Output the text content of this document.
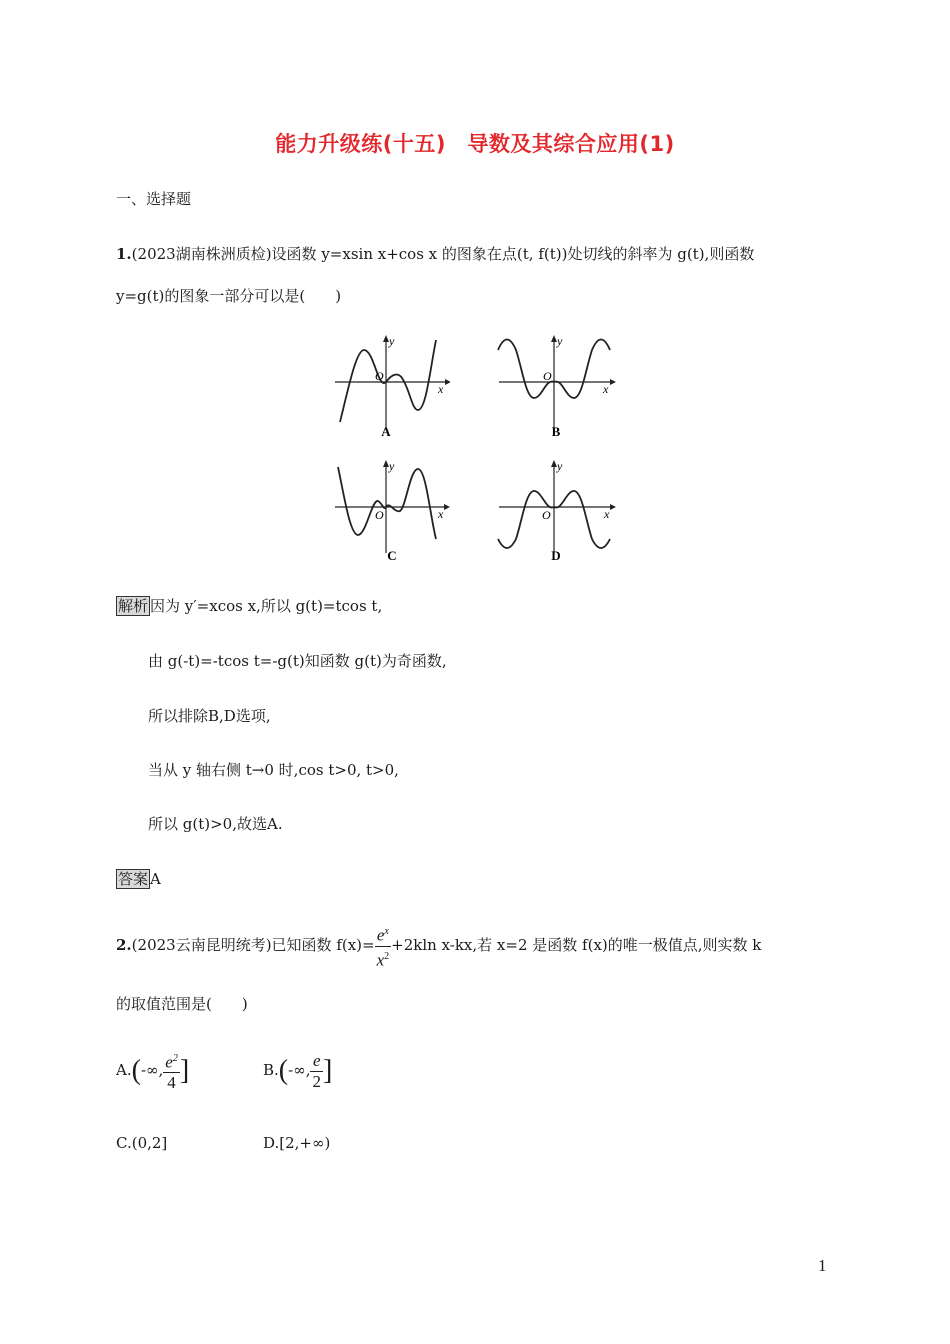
能力升级练(十五)　导数及其综合应用(1)
一、选择题
1.(2023湖南株洲质检)设函数 y=xsin x+cos x 的图象在点(t, f(t))处切线的斜率为 g(t),则函数
y=g(t)的图象一部分可以是(　　)
y
x
O
A
y
x
O
B
y
x
O
C
y
x
O
D
解析 因为 y′=xcos x,所以 g(t)=tcos t,
由 g(-t)=-tcos t=-g(t)知函数 g(t)为奇函数,
所以排除B,D选项,
当从 y 轴右侧 t→0 时,cos t>0, t>0,
所以 g(t)>0,故选A.
答案 A
2.(2023云南昆明统考)已知函数 $f(x)= \frac{e^x}{x^2} +2kln$ x-kx,若 x=2 是函数 f(x)的唯一极值点,则实数 k
的取值范围是(　　)
A.(-∞, $\frac{e^2}{4}$ ]	B.(-∞, $\frac{e}{2}$ ]
C.(0,2]	D.[2,+∞)
1
